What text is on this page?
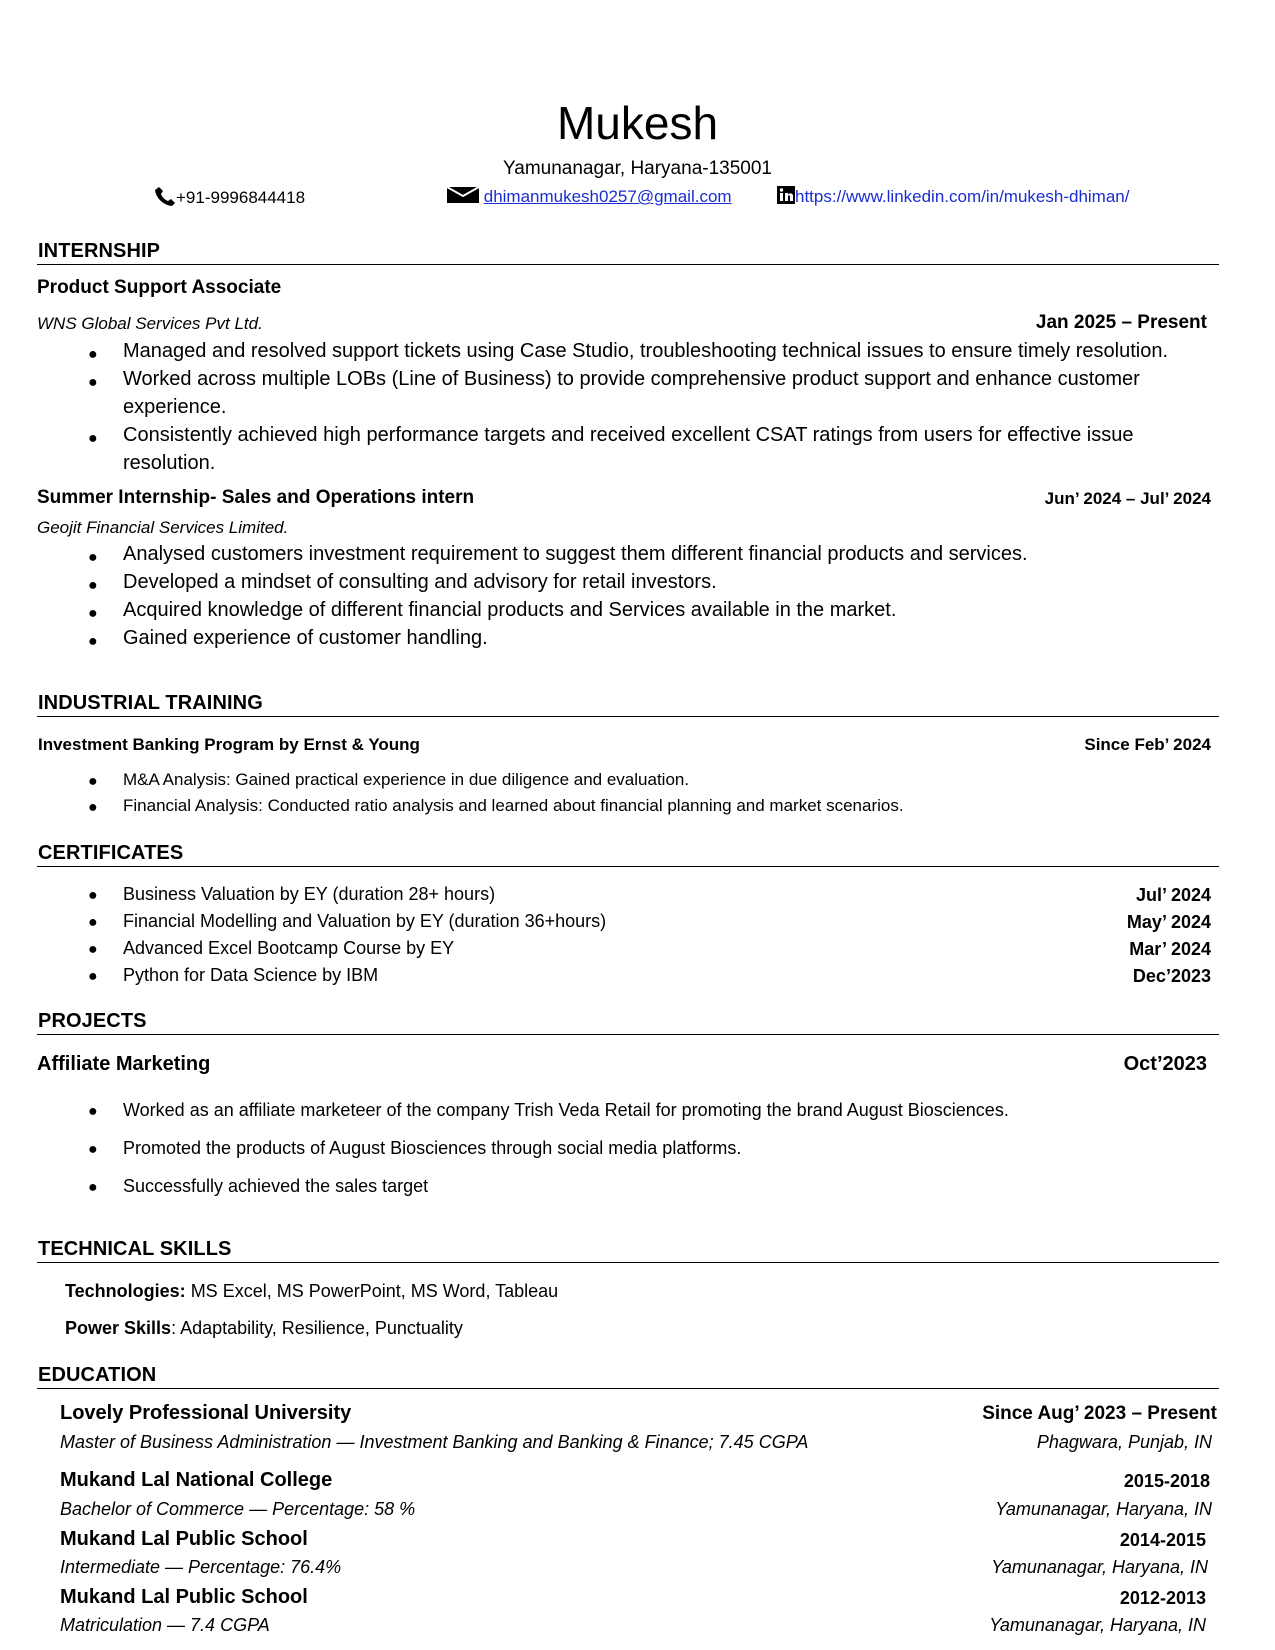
Mukesh
Yamunanagar, Haryana-135001
+91-9996844418	dhimanmukesh0257@gmail.com	https://www.linkedin.com/in/mukesh-dhiman/
INTERNSHIP
Product Support Associate
WNS Global Services Pvt Ltd.	Jan 2025 – Present
● Managed and resolved support tickets using Case Studio, troubleshooting technical issues to ensure timely resolution.
● Worked across multiple LOBs (Line of Business) to provide comprehensive product support and enhance customer
experience.
● Consistently achieved high performance targets and received excellent CSAT ratings from users for effective issue
resolution.
Summer Internship- Sales and Operations intern	Jun’ 2024 – Jul’ 2024
Geojit Financial Services Limited.
● Analysed customers investment requirement to suggest them different financial products and services.
● Developed a mindset of consulting and advisory for retail investors.
● Acquired knowledge of different financial products and Services available in the market.
● Gained experience of customer handling.
INDUSTRIAL TRAINING
Investment Banking Program by Ernst & Young	Since Feb’ 2024
● M&A Analysis: Gained practical experience in due diligence and evaluation.
● Financial Analysis: Conducted ratio analysis and learned about financial planning and market scenarios.
CERTIFICATES
● Business Valuation by EY (duration 28+ hours)	Jul’ 2024
● Financial Modelling and Valuation by EY (duration 36+hours)	May’ 2024
● Advanced Excel Bootcamp Course by EY	Mar’ 2024
● Python for Data Science by IBM	Dec’2023
PROJECTS
Affiliate Marketing	Oct’2023
● Worked as an affiliate marketeer of the company Trish Veda Retail for promoting the brand August Biosciences.
● Promoted the products of August Biosciences through social media platforms.
● Successfully achieved the sales target
TECHNICAL SKILLS
Technologies: MS Excel, MS PowerPoint, MS Word, Tableau
Power Skills: Adaptability, Resilience, Punctuality
EDUCATION
Lovely Professional University	Since Aug’ 2023 – Present
Master of Business Administration — Investment Banking and Banking & Finance; 7.45 CGPA	Phagwara, Punjab, IN
Mukand Lal National College	2015-2018
Bachelor of Commerce — Percentage: 58 %	Yamunanagar, Haryana, IN
Mukand Lal Public School	2014-2015
Intermediate — Percentage: 76.4%	Yamunanagar, Haryana, IN
Mukand Lal Public School	2012-2013
Matriculation — 7.4 CGPA	Yamunanagar, Haryana, IN
